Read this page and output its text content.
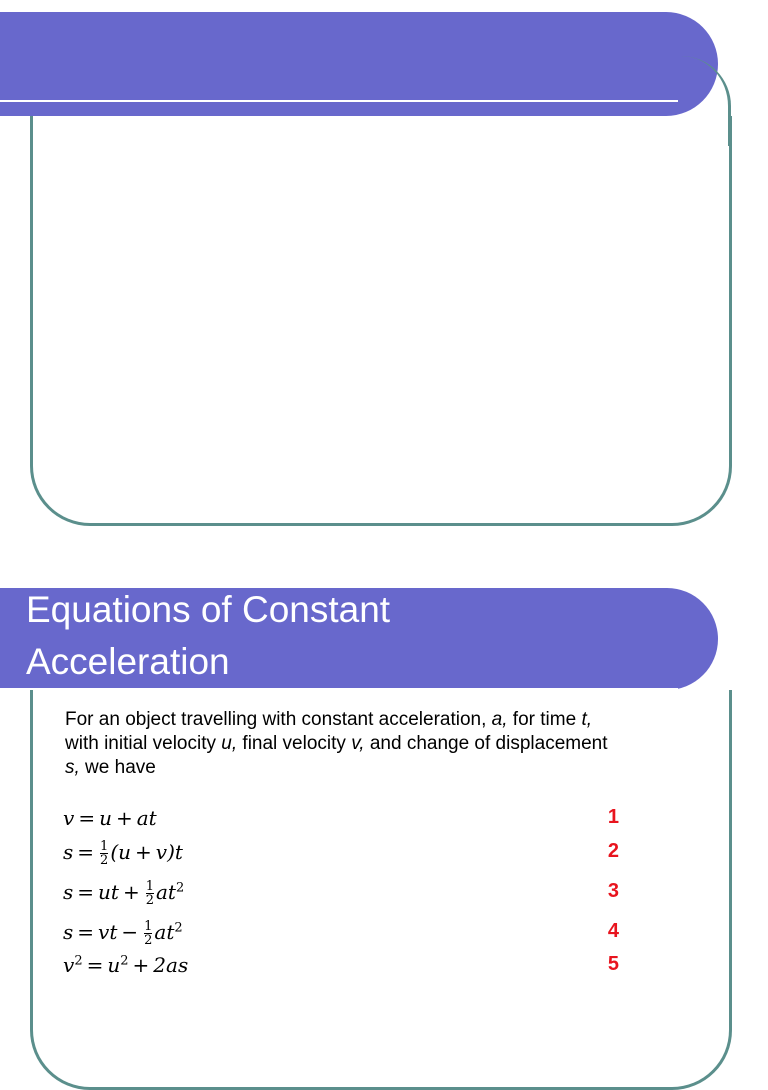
Equations of Constant
Acceleration
For an object travelling with constant acceleration, a, for time t, with initial velocity u, final velocity v, and change of displacement s, we have
v = u + at	1
$s = \frac{1}{2} (u + v)t$	2
s = ut + $\frac{1}{2} at^2$	3
s = vt − $\frac{1}{2} at^2$	4
$v^2 = u^2 + 2as$	5
